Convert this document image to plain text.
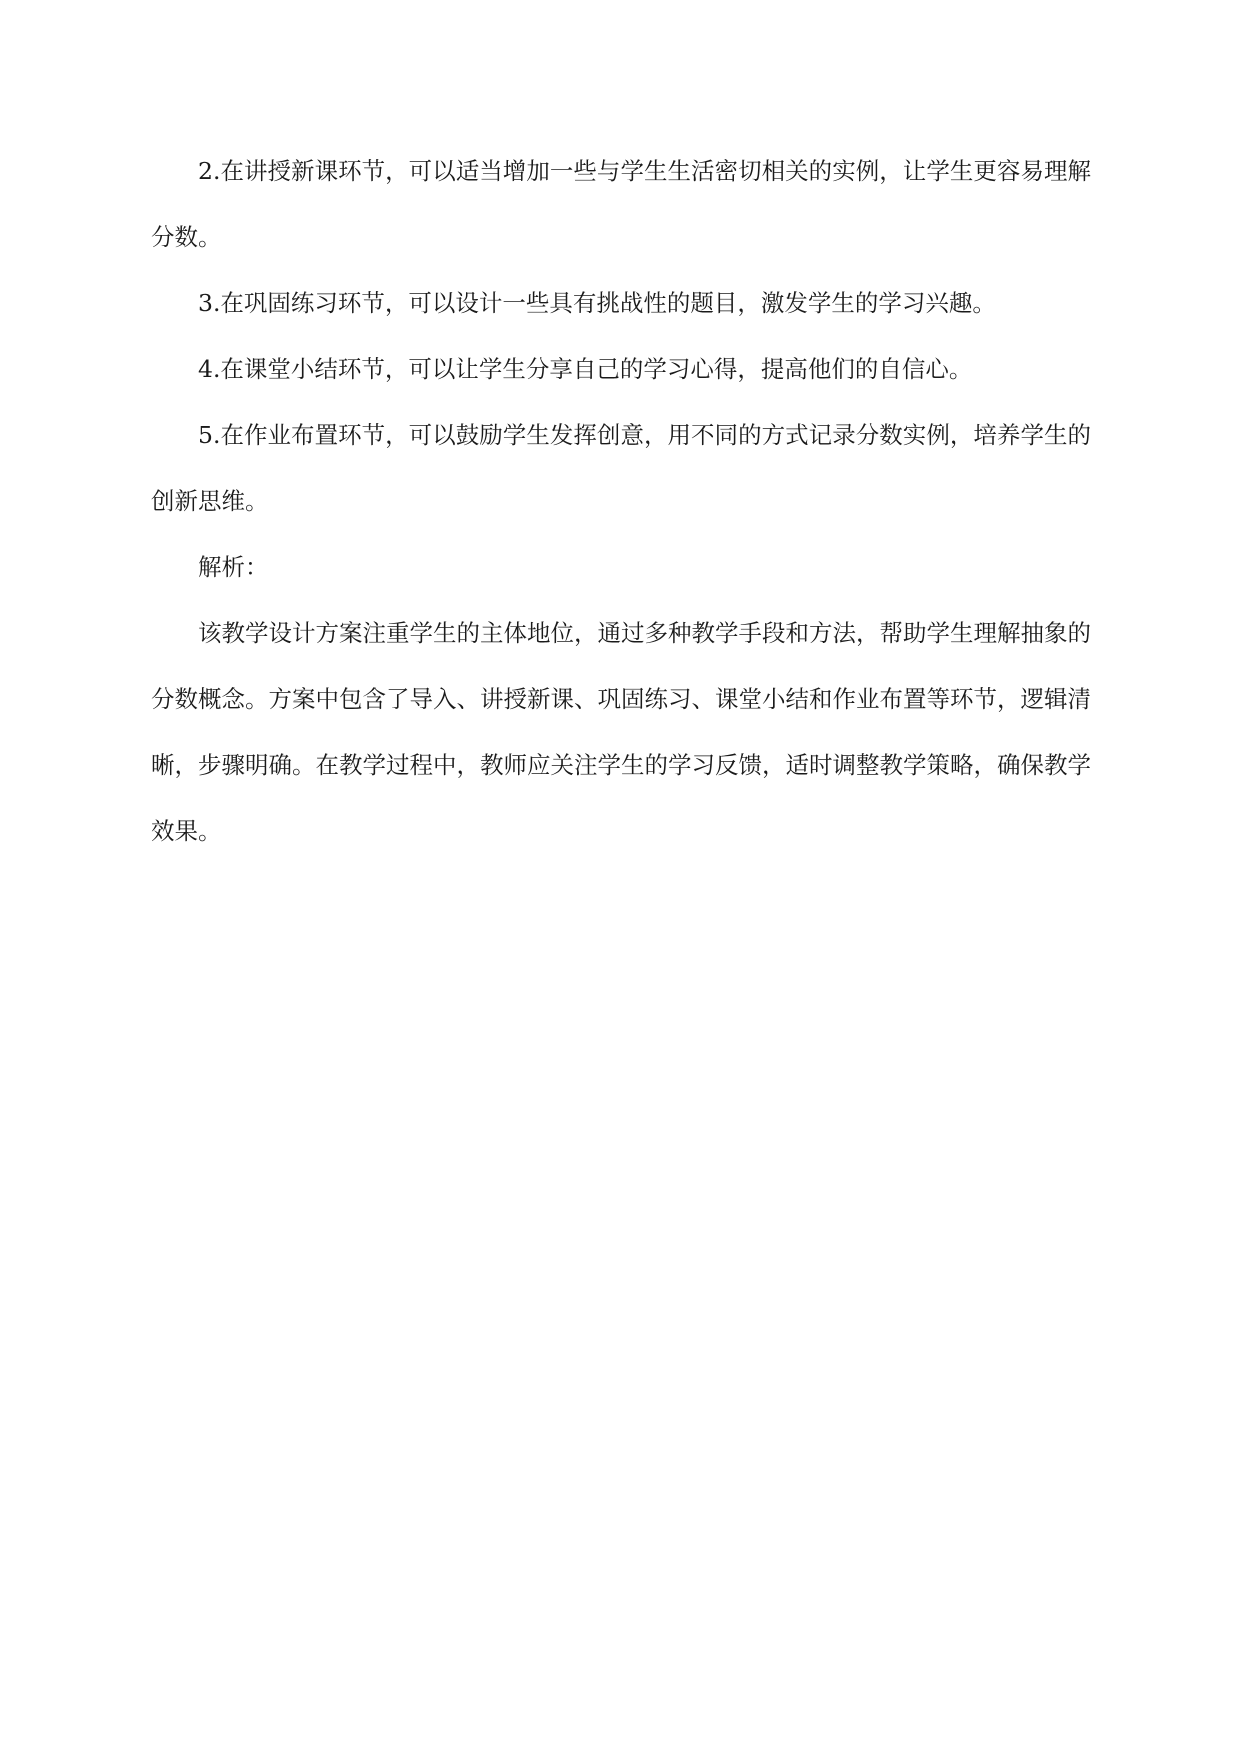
2.在讲授新课环节，可以适当增加一些与学生生活密切相关的实例，让学生更容易理解分数。

3.在巩固练习环节，可以设计一些具有挑战性的题目，激发学生的学习兴趣。

4.在课堂小结环节，可以让学生分享自己的学习心得，提高他们的自信心。

5.在作业布置环节，可以鼓励学生发挥创意，用不同的方式记录分数实例，培养学生的创新思维。

解析：

该教学设计方案注重学生的主体地位，通过多种教学手段和方法，帮助学生理解抽象的分数概念。方案中包含了导入、讲授新课、巩固练习、课堂小结和作业布置等环节，逻辑清晰，步骤明确。在教学过程中，教师应关注学生的学习反馈，适时调整教学策略，确保教学效果。
